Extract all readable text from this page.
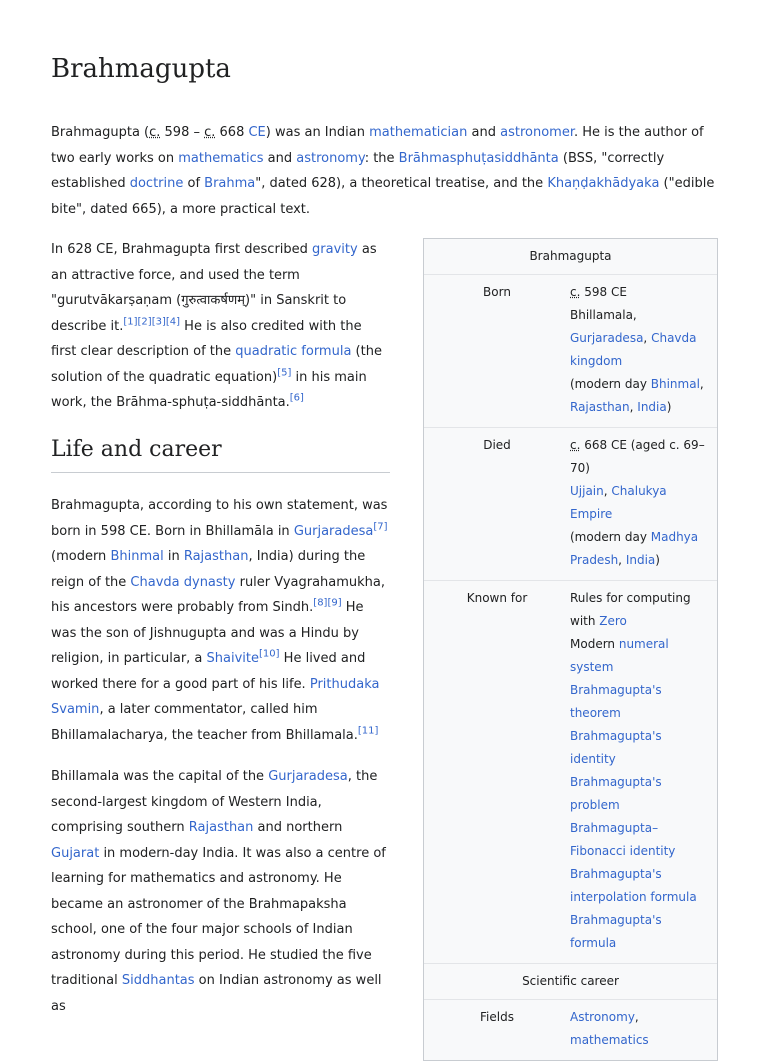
Brahmagupta

Brahmagupta (c. 598 – c. 668 CE) was an Indian mathematician and astronomer. He is the author of two early works on mathematics and astronomy: the Brāhmasphuṭasiddhānta (BSS, "correctly established doctrine of Brahma", dated 628), a theoretical treatise, and the Khaṇḍakhādyaka ("edible bite", dated 665), a more practical text.

In 628 CE, Brahmagupta first described gravity as an attractive force, and used the term "gurutvākarṣaṇam (गुरुत्वाकर्षणम्)" in Sanskrit to describe it.[1][2][3][4] He is also credited with the first clear description of the quadratic formula (the solution of the quadratic equation)[5] in his main work, the Brāhma-sphuṭa-siddhānta.[6]

Life and career

Brahmagupta, according to his own statement, was born in 598 CE. Born in Bhillamāla in Gurjaradesa[7] (modern Bhinmal in Rajasthan, India) during the reign of the Chavda dynasty ruler Vyagrahamukha, his ancestors were probably from Sindh.[8][9] He was the son of Jishnugupta and was a Hindu by religion, in particular, a Shaivite[10] He lived and worked there for a good part of his life. Prithudaka Svamin, a later commentator, called him Bhillamalacharya, the teacher from Bhillamala.[11]

Bhillamala was the capital of the Gurjaradesa, the second-largest kingdom of Western India, comprising southern Rajasthan and northern Gujarat in modern-day India. It was also a centre of learning for mathematics and astronomy. He became an astronomer of the Brahmapaksha school, one of the four major schools of Indian astronomy during this period. He studied the five traditional Siddhantas on Indian astronomy as well as

Brahmagupta
Born	c. 598 CE
Bhillamala,
Gurjaradesa, Chavda kingdom
(modern day Bhinmal, Rajasthan, India)
Died	c. 668 CE (aged c. 69–70)
Ujjain, Chalukya Empire
(modern day Madhya Pradesh, India)
Known for	Rules for computing with Zero
Modern numeral system
Brahmagupta's theorem
Brahmagupta's identity
Brahmagupta's problem
Brahmagupta–Fibonacci identity
Brahmagupta's interpolation formula
Brahmagupta's formula
Scientific career
Fields	Astronomy,
mathematics
